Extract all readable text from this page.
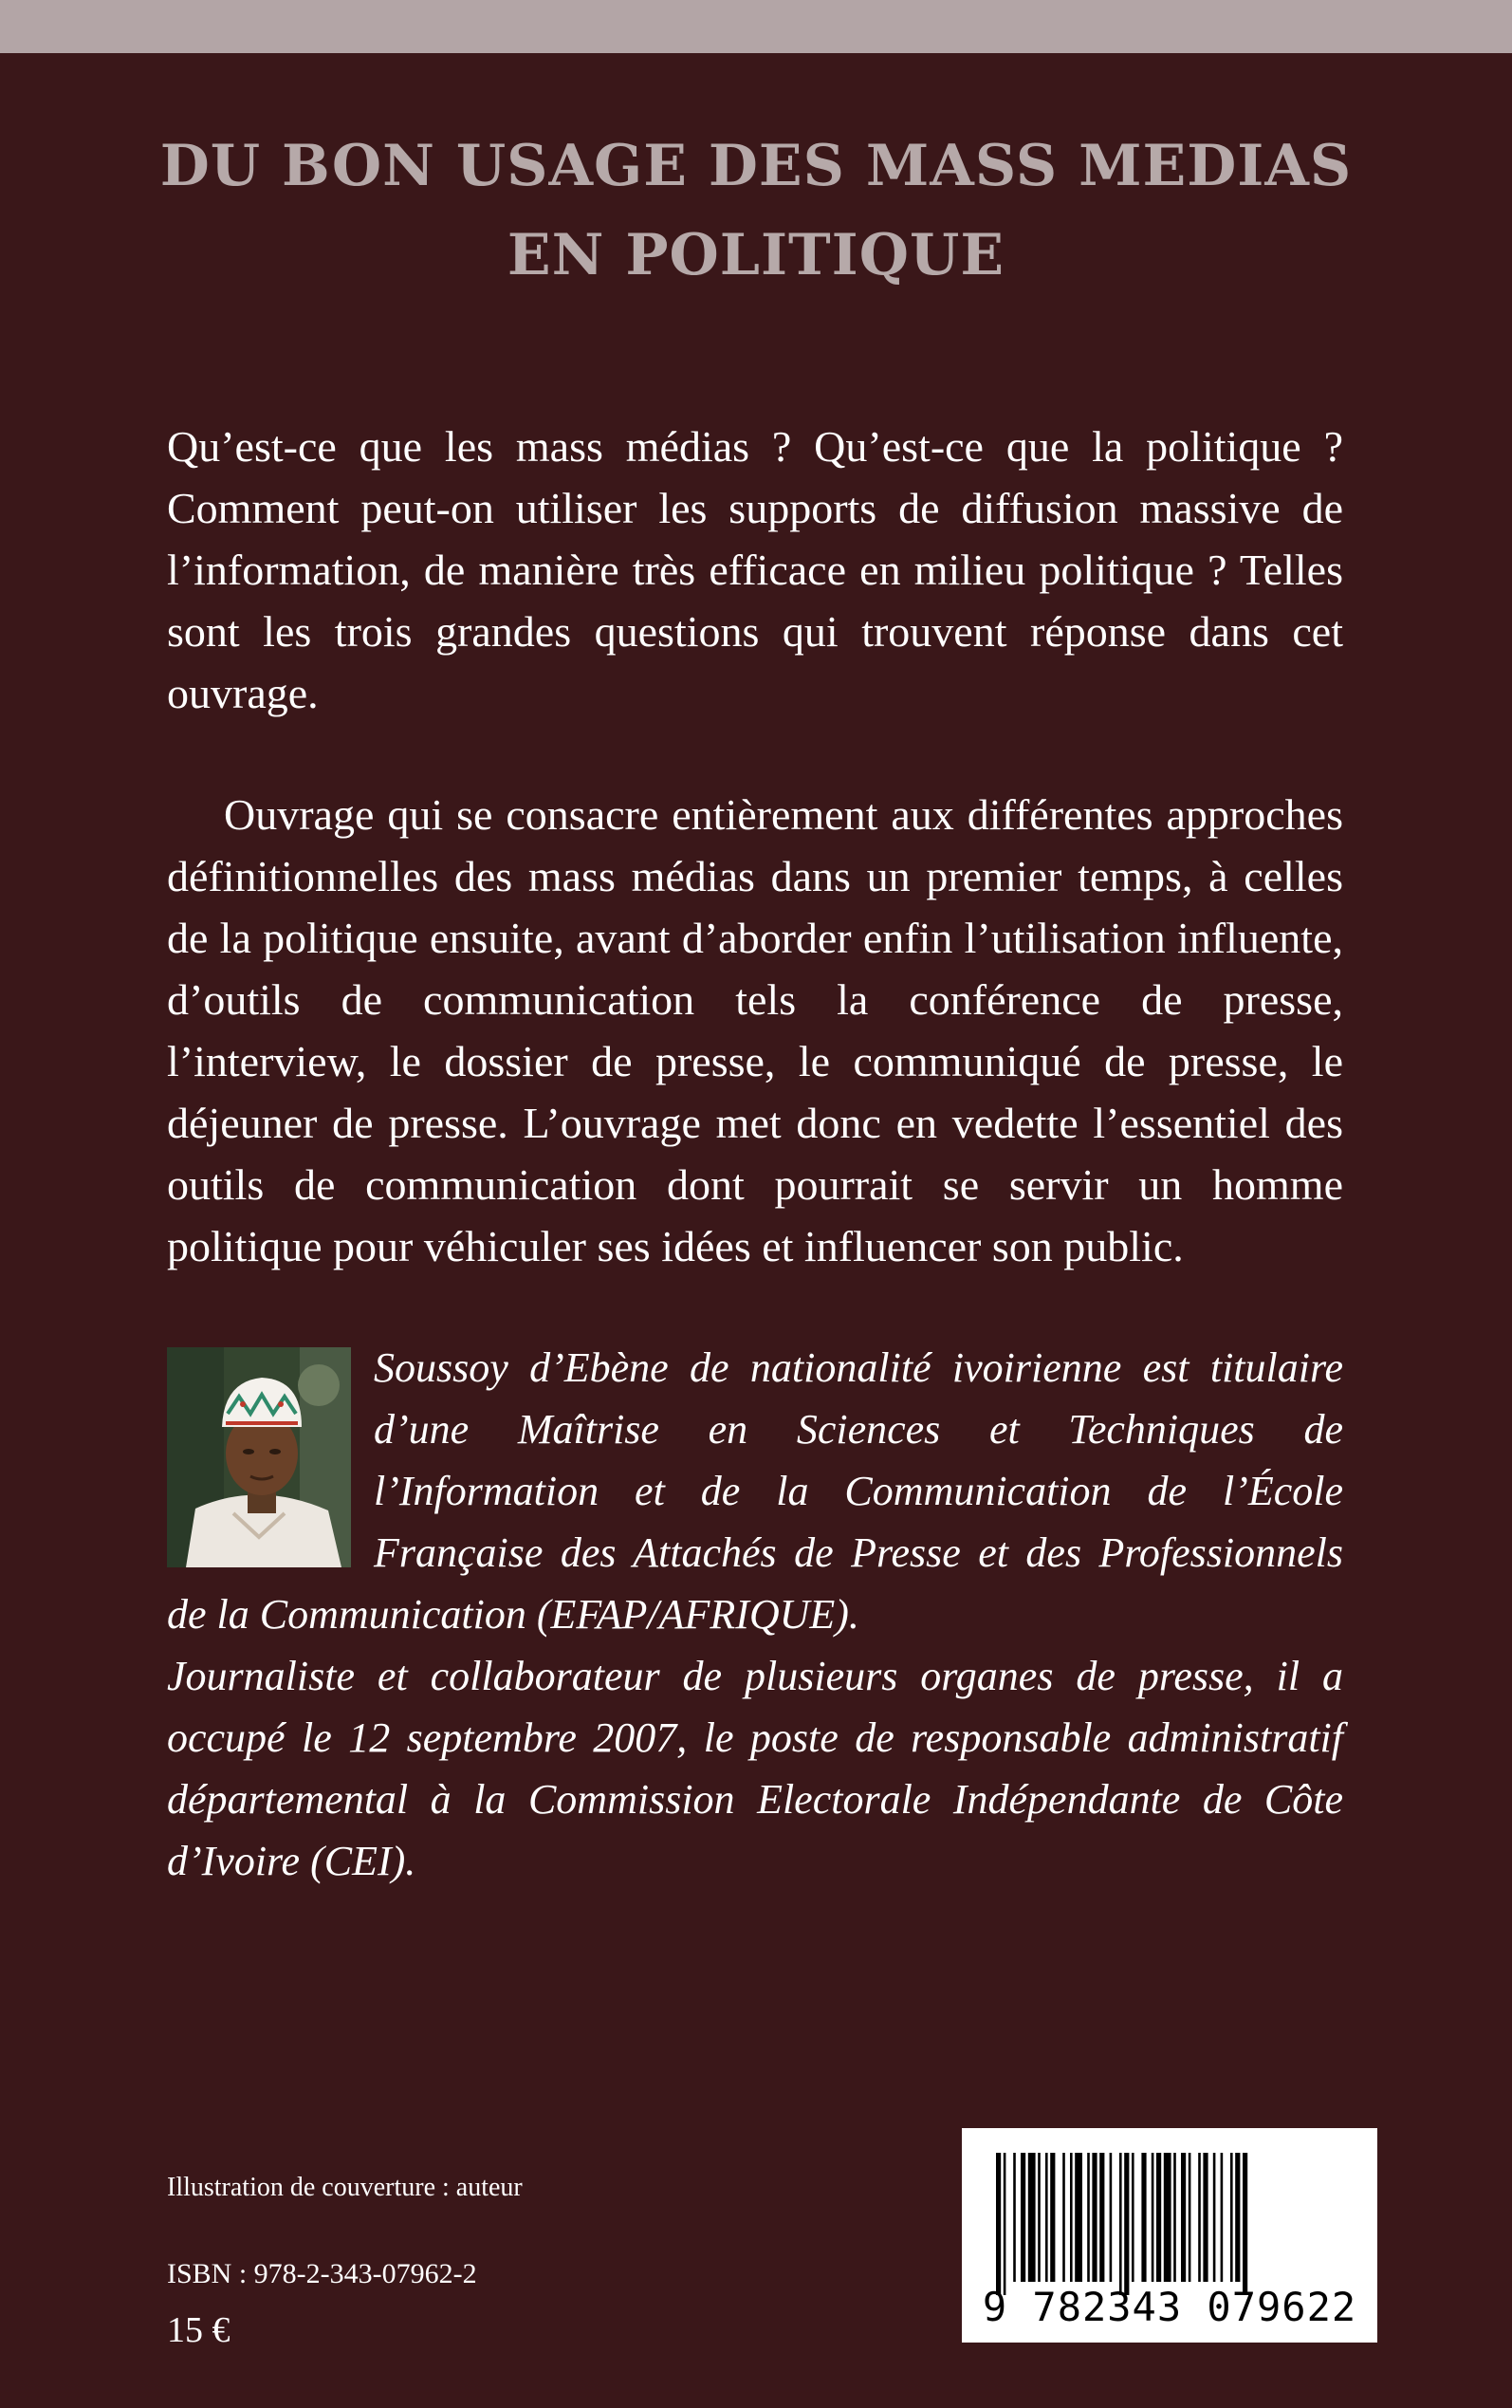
DU BON USAGE DES MASS MEDIAS
EN POLITIQUE
Qu’est-ce que les mass médias ? Qu’est-ce que la politique ? Comment peut-on utiliser les supports de diffusion massive de l’information, de manière très efficace en milieu politique ? Telles sont les trois grandes questions qui trouvent réponse dans cet ouvrage.
Ouvrage qui se consacre entièrement aux différentes approches définitionnelles des mass médias dans un premier temps, à celles de la politique ensuite, avant d’aborder enfin l’utilisation influente, d’outils de communication tels la conférence de presse, l’interview, le dossier de presse, le communiqué de presse, le déjeuner de presse. L’ouvrage met donc en vedette l’essentiel des outils de communication dont pourrait se servir un homme politique pour véhiculer ses idées et influencer son public.
Soussoy d’Ebène de nationalité ivoirienne est titulaire d’une Maîtrise en Sciences et Techniques de l’Information et de la Communication de l’École Française des Attachés de Presse et des Professionnels de la Communication (EFAP/AFRIQUE).
Journaliste et collaborateur de plusieurs organes de presse, il a occupé le 12 septembre 2007, le poste de responsable administratif départemental à la Commission Electorale Indépendante de Côte d’Ivoire (CEI).
Illustration de couverture : auteur
ISBN : 978-2-343-07962-2
15 €	9 782343 079622
